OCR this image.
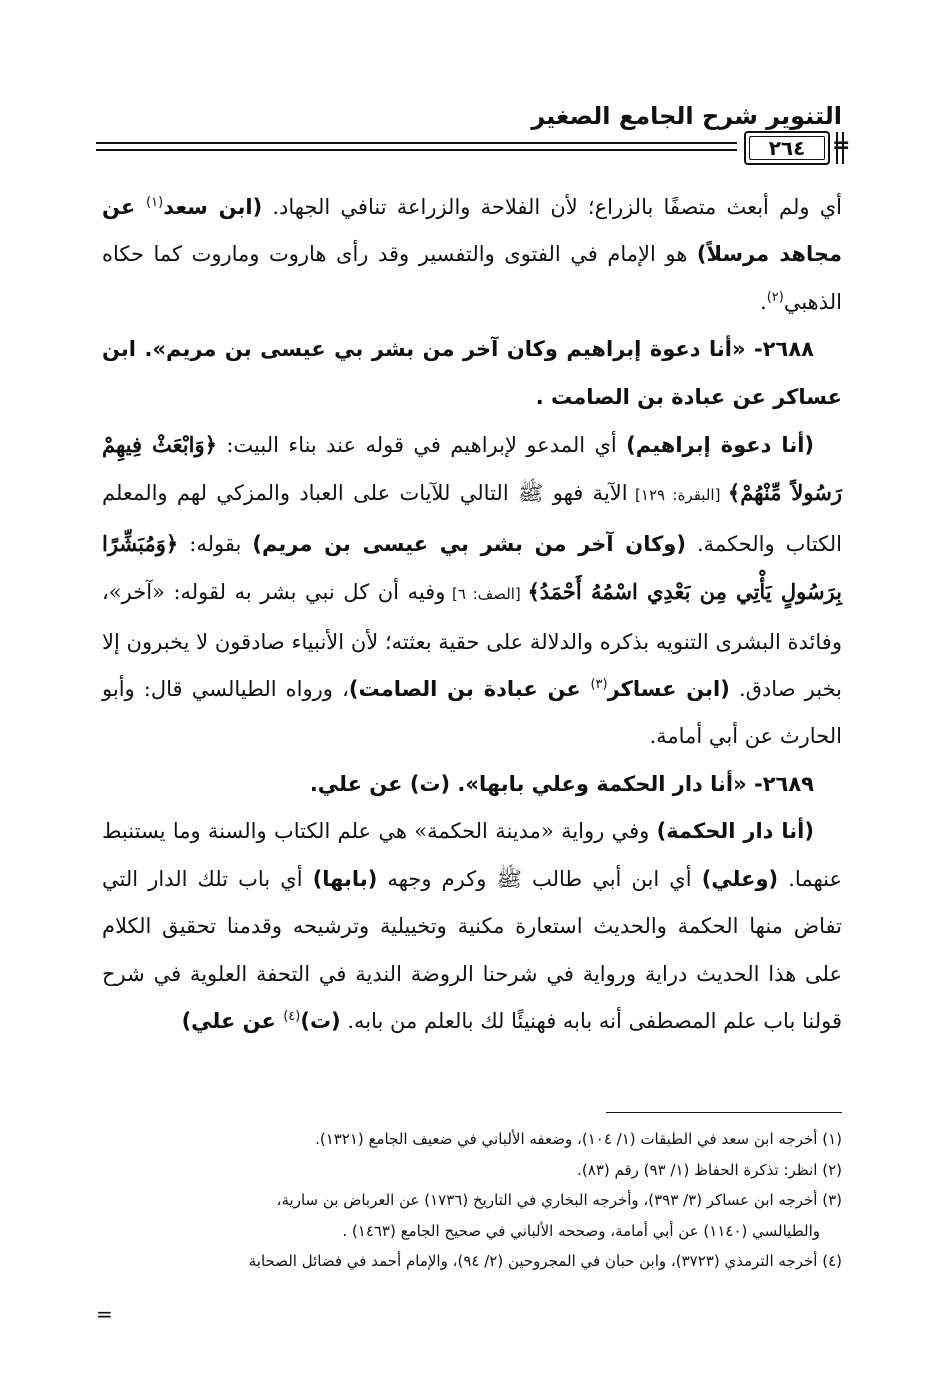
التنوير شرح الجامع الصغير
٢٦٤	=

أي ولم أبعث متصفًا بالزراع؛ لأن الفلاحة والزراعة تنافي الجهاد. (ابن سعد$^{(١)}$ عن مجاهد مرسلاً) هو الإمام في الفتوى والتفسير وقد رأى هاروت وماروت كما حكاه الذهبي$^{(٢)}$.

٢٦٨٨- «أنا دعوة إبراهيم وكان آخر من بشر بي عيسى بن مريم». ابن عساكر عن عبادة بن الصامت .

(أنا دعوة إبراهيم) أي المدعو لإبراهيم في قوله عند بناء البيت: ﴿وَابْعَثْ فِيهِمْ رَسُولاً مِّنْهُمْ﴾ [البقرة: ١٢٩] الآية فهو ﷺ التالي للآيات على العباد والمزكي لهم والمعلم الكتاب والحكمة. (وكان آخر من بشر بي عيسى بن مريم) بقوله: ﴿وَمُبَشِّرًا بِرَسُولٍ يَأْتِي مِن بَعْدِي اسْمُهُ أَحْمَدُ﴾ [الصف: ٦] وفيه أن كل نبي بشر به لقوله: «آخر»، وفائدة البشرى التنويه بذكره والدلالة على حقية بعثته؛ لأن الأنبياء صادقون لا يخبرون إلا بخبر صادق. (ابن عساكر$^{(٣)}$ عن عبادة بن الصامت)، ورواه الطيالسي قال: وأبو الحارث عن أبي أمامة.

٢٦٨٩- «أنا دار الحكمة وعلي بابها». (ت) عن علي.

(أنا دار الحكمة) وفي رواية «مدينة الحكمة» هي علم الكتاب والسنة وما يستنبط عنهما. (وعلي) أي ابن أبي طالب ﷺ وكرم وجهه (بابها) أي باب تلك الدار التي تفاض منها الحكمة والحديث استعارة مكنية وتخييلية وترشيحه وقدمنا تحقيق الكلام على هذا الحديث دراية ورواية في شرحنا الروضة الندية في التحفة العلوية في شرح قولنا باب علم المصطفى أنه بابه فهنيئًا لك بالعلم من بابه. (ت)$^{(٤)}$ عن علي)

(١) أخرجه ابن سعد في الطبقات (١/ ١٠٤)، وضعفه الألباني في ضعيف الجامع (١٣٢١).

(٢) انظر: تذكرة الحفاظ (١/ ٩٣) رقم (٨٣).

(٣) أخرجه ابن عساكر (٣/ ٣٩٣)، وأخرجه البخاري في التاريخ (١٧٣٦) عن العرباض بن سارية،

والطيالسي (١١٤٠) عن أبي أمامة، وصححه الألباني في صحيح الجامع (١٤٦٣) .

(٤) أخرجه الترمذي (٣٧٢٣)، وابن حبان في المجروحين (٢/ ٩٤)، والإمام أحمد في فضائل الصحابة

=
